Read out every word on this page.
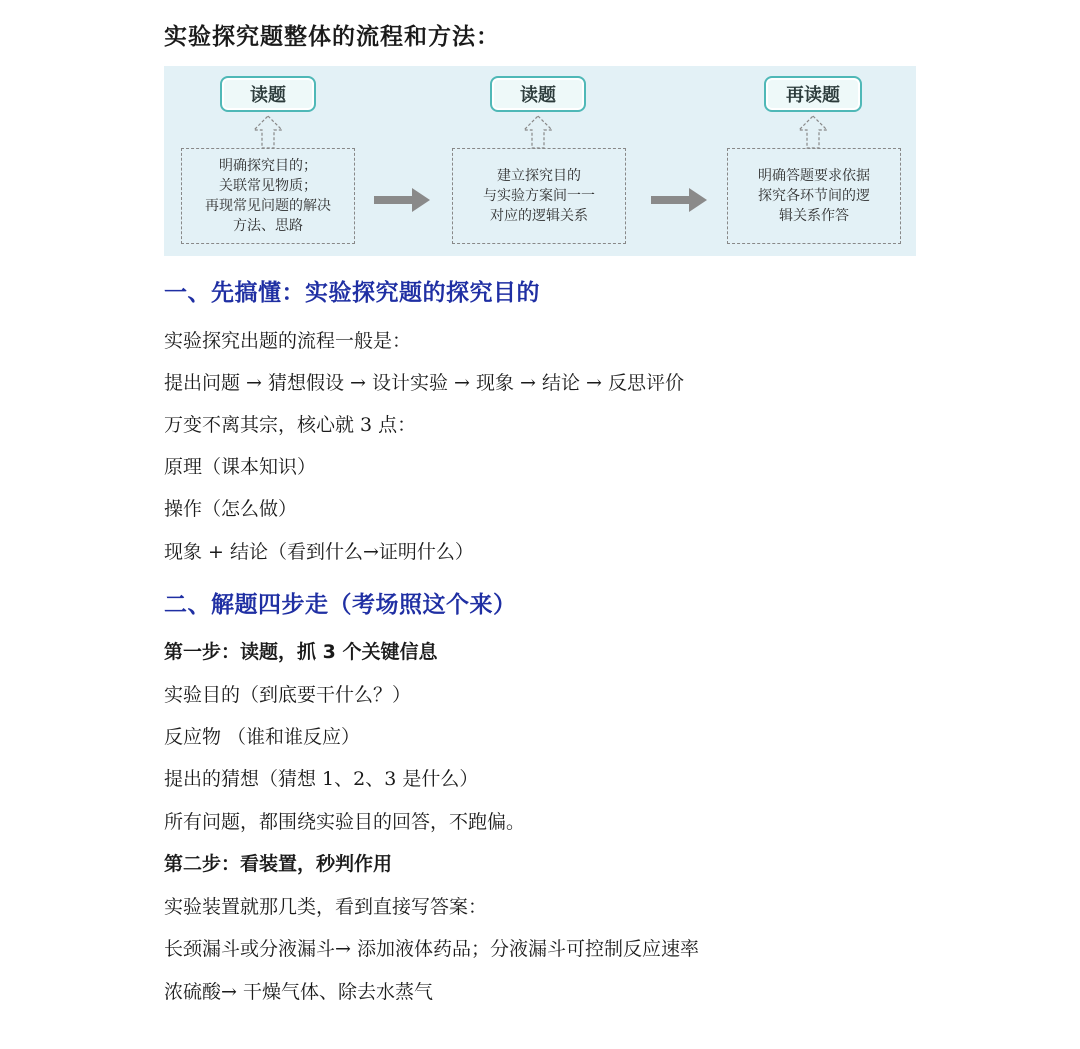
实验探究题整体的流程和方法：
读题
明确探究目的；
关联常见物质；
再现常见问题的解决
方法、思路
读题
建立探究目的
与实验方案间一一
对应的逻辑关系
再读题
明确答题要求依据
探究各环节间的逻
辑关系作答
一、先搞懂：实验探究题的探究目的
实验探究出题的流程一般是：
提出问题 → 猜想假设 → 设计实验 → 现象 → 结论 → 反思评价
万变不离其宗，核心就 3 点：
原理（课本知识）
操作（怎么做）
现象 + 结论（看到什么→证明什么）
二、解题四步走（考场照这个来）
第一步：读题，抓 3 个关键信息
实验目的（到底要干什么？）
反应物 （谁和谁反应）
提出的猜想（猜想 1、2、3 是什么）
所有问题，都围绕实验目的回答，不跑偏。
第二步：看装置，秒判作用
实验装置就那几类，看到直接写答案：
长颈漏斗或分液漏斗→ 添加液体药品；分液漏斗可控制反应速率
浓硫酸→ 干燥气体、除去水蒸气
